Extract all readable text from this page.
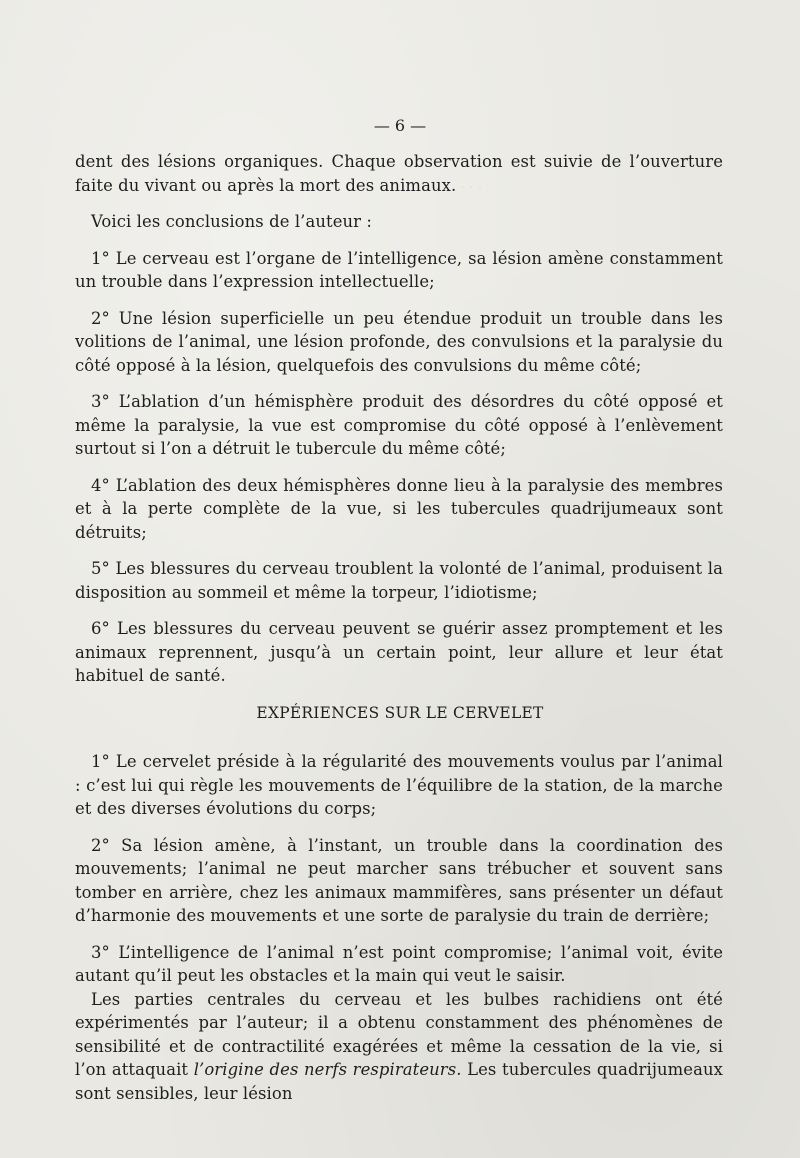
· · ·
— 6 —

dent des lésions organiques. Chaque observation est suivie de l’ouverture faite du vivant ou après la mort des animaux.

Voici les conclusions de l’auteur :

1° Le cerveau est l’organe de l’intelligence, sa lésion amène constamment un trouble dans l’expression intellectuelle;

2° Une lésion superficielle un peu étendue produit un trouble dans les volitions de l’animal, une lésion profonde, des convulsions et la paralysie du côté opposé à la lésion, quelquefois des convulsions du même côté;

3° L’ablation d’un hémisphère produit des désordres du côté opposé et même la paralysie, la vue est compromise du côté opposé à l’enlèvement surtout si l’on a détruit le tubercule du même côté;

4° L’ablation des deux hémisphères donne lieu à la paralysie des membres et à la perte complète de la vue, si les tubercules quadrijumeaux sont détruits;

5° Les blessures du cerveau troublent la volonté de l’animal, produisent la disposition au sommeil et même la torpeur, l’idiotisme;

6° Les blessures du cerveau peuvent se guérir assez promptement et les animaux reprennent, jusqu’à un certain point, leur allure et leur état habituel de santé.

EXPÉRIENCES SUR LE CERVELET

1° Le cervelet préside à la régularité des mouvements voulus par l’animal : c’est lui qui règle les mouvements de l’équilibre de la station, de la marche et des diverses évolutions du corps;

2° Sa lésion amène, à l’instant, un trouble dans la coordination des mouvements; l’animal ne peut marcher sans trébucher et souvent sans tomber en arrière, chez les animaux mammifères, sans présenter un défaut d’harmonie des mouvements et une sorte de paralysie du train de derrière;

3° L’intelligence de l’animal n’est point compromise; l’animal voit, évite autant qu’il peut les obstacles et la main qui veut le saisir.

Les parties centrales du cerveau et les bulbes rachidiens ont été expérimentés par l’auteur; il a obtenu constamment des phénomènes de sensibilité et de contractilité exagérées et même la cessation de la vie, si l’on attaquait l’origine des nerfs respirateurs. Les tubercules quadrijumeaux sont sensibles, leur lésion
